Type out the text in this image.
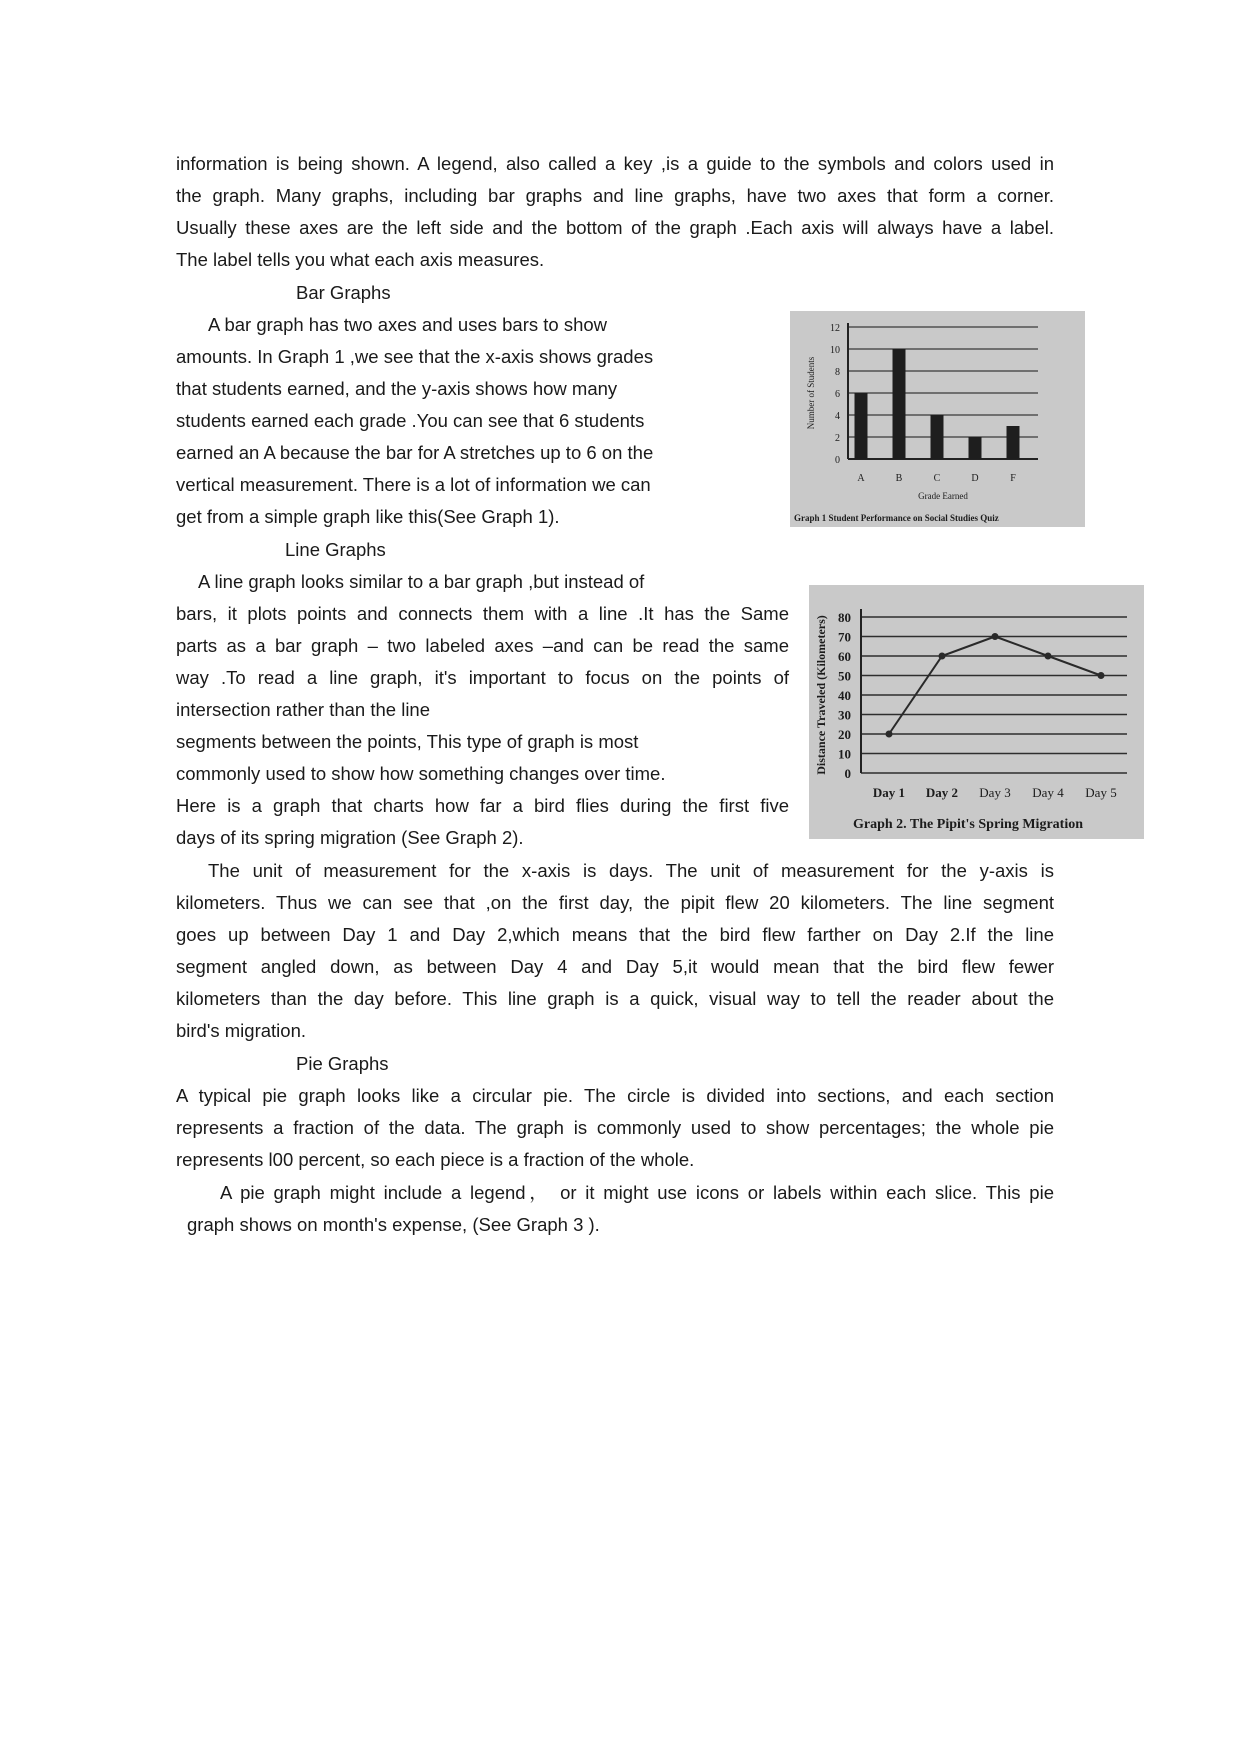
information is being shown. A legend, also called a key ,is a guide to the symbols and colors used in
the graph. Many graphs, including bar graphs and line graphs, have two axes that form a corner.
Usually these axes are the left side and the bottom of the graph .Each axis will always have a label.
The label tells you what each axis measures.
Bar Graphs
A bar graph has two axes and uses bars to show
amounts. In Graph 1 ,we see that the x-axis shows grades
that students earned, and the y-axis shows how many
students earned each grade .You can see that 6 students
earned an A because the bar for A stretches up to 6 on the
vertical measurement. There is a lot of information we can
get from a simple graph like this(See Graph 1).
Line Graphs
A line graph looks similar to a bar graph ,but instead of
bars, it plots points and connects them with a line .It has the Same
parts as a bar graph – two labeled axes –and can be read the same
way .To read a line graph, it's important to focus on the points of
intersection rather than the line
segments between the points, This type of graph is most
commonly used to show how something changes over time.
Here is a graph that charts how far a bird flies during the first five
days of its spring migration (See Graph 2).
The unit of measurement for the x-axis is days. The unit of measurement for the y-axis is
kilometers. Thus we can see that ,on the first day, the pipit flew 20 kilometers. The line segment
goes up between Day 1 and Day 2,which means that the bird flew farther on Day 2.If the line
segment angled down, as between Day 4 and Day 5,it would mean that the bird flew fewer
kilometers than the day before. This line graph is a quick, visual way to tell the reader about the
bird's migration.
Pie Graphs
A typical pie graph looks like a circular pie. The circle is divided into sections, and each section
represents a fraction of the data. The graph is commonly used to show percentages; the whole pie
represents l00 percent, so each piece is a fraction of the whole.
A pie graph might include a legend， or it might use icons or labels within each slice. This pie
graph shows on month's expense, (See Graph 3 ).
0
2
4
6
8
10
12
A	B	C	D	F
Grade Earned
Number of Students
Graph 1 Student Performance on Social Studies Quiz
0
10
20
30
40
50
60
70
80
Day 1 Day 2 Day 3 Day 4 Day 5
Distance Traveled (Kilometers)
Graph 2. The Pipit's Spring Migration
